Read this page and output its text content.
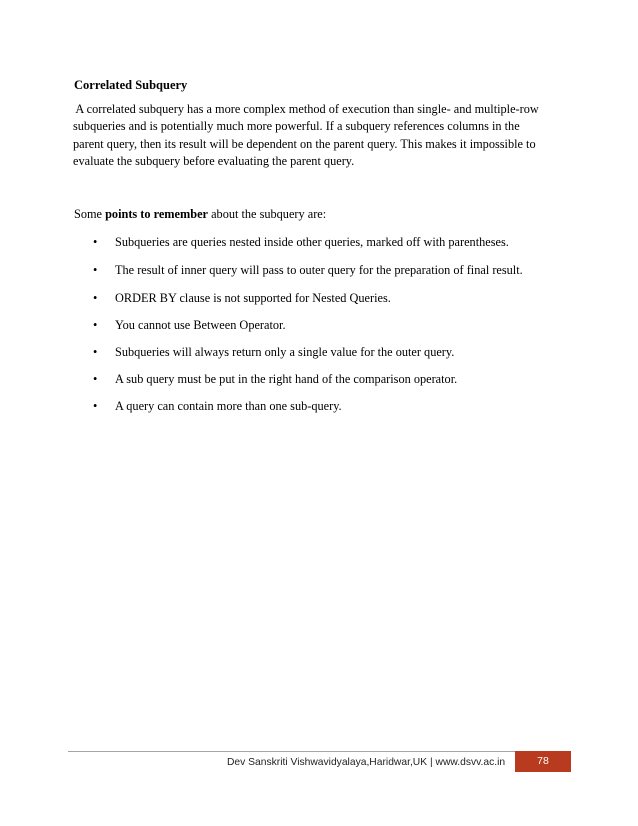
Correlated Subquery
A correlated subquery has a more complex method of execution than single- and multiple-row
subqueries and is potentially much more powerful. If a subquery references columns in the
parent query, then its result will be dependent on the parent query. This makes it impossible to
evaluate the subquery before evaluating the parent query.
Some points to remember about the subquery are:
• Subqueries are queries nested inside other queries, marked off with parentheses.
• The result of inner query will pass to outer query for the preparation of final result.
• ORDER BY clause is not supported for Nested Queries.
• You cannot use Between Operator.
• Subqueries will always return only a single value for the outer query.
• A sub query must be put in the right hand of the comparison operator.
• A query can contain more than one sub-query.
Dev Sanskriti Vishwavidyalaya,Haridwar,UK | www.dsvv.ac.in	78
